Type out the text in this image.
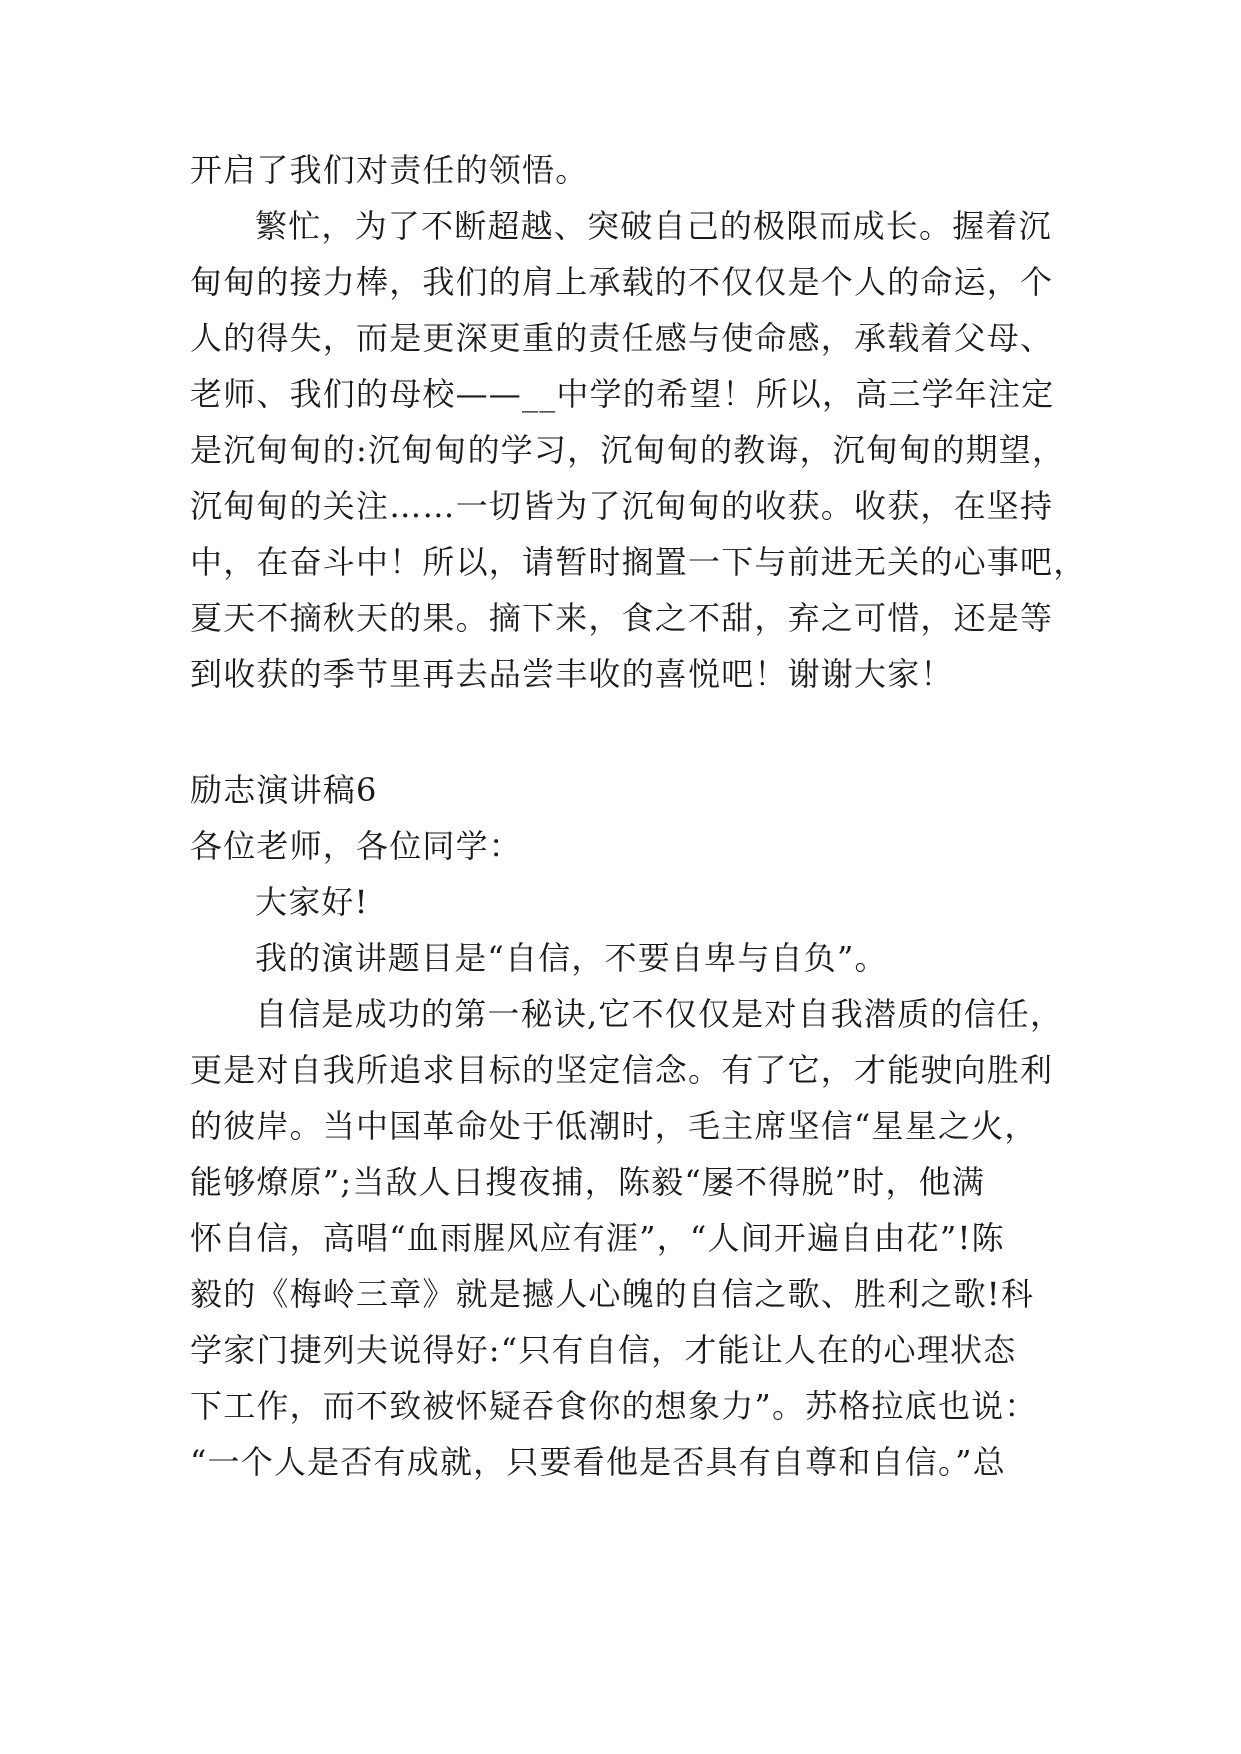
开启了我们对责任的领悟。
繁忙，为了不断超越、突破自己的极限而成长。握着沉
甸甸的接力棒，我们的肩上承载的不仅仅是个人的命运，个
人的得失，而是更深更重的责任感与使命感，承载着父母、
老师、我们的母校——__中学的希望！所以，高三学年注定
是沉甸甸的:沉甸甸的学习，沉甸甸的教诲，沉甸甸的期望，
沉甸甸的关注……一切皆为了沉甸甸的收获。收获，在坚持
中，在奋斗中！所以，请暂时搁置一下与前进无关的心事吧，
夏天不摘秋天的果。摘下来，食之不甜，弃之可惜，还是等
到收获的季节里再去品尝丰收的喜悦吧！谢谢大家！
励志演讲稿6
各位老师，各位同学：
大家好!
我的演讲题目是“自信，不要自卑与自负”。
自信是成功的第一秘诀,它不仅仅是对自我潜质的信任，
更是对自我所追求目标的坚定信念。有了它，才能驶向胜利
的彼岸。当中国革命处于低潮时，毛主席坚信“星星之火，
能够燎原”;当敌人日搜夜捕，陈毅“屡不得脱”时，他满
怀自信，高唱“血雨腥风应有涯”，“人间开遍自由花”!陈
毅的《梅岭三章》就是撼人心魄的自信之歌、胜利之歌!科
学家门捷列夫说得好:“只有自信，才能让人在的心理状态
下工作，而不致被怀疑吞食你的想象力”。苏格拉底也说：
“一个人是否有成就，只要看他是否具有自尊和自信。”总
